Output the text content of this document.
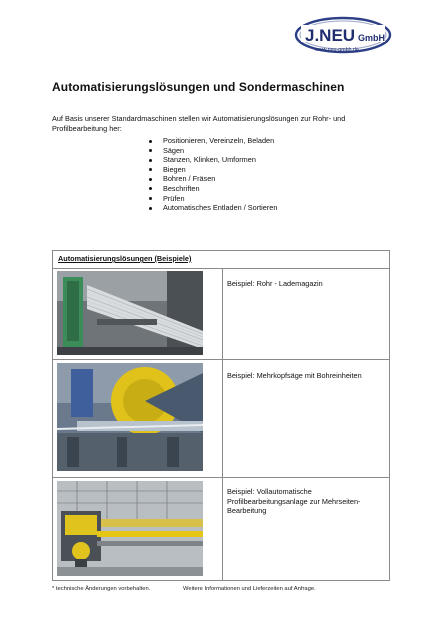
J.NEU GmbH
www.neu-gmbh.de
Automatisierungslösungen und Sondermaschinen
Auf Basis unserer Standardmaschinen stellen wir Automatisierungslösungen zur Rohr- und Profilbearbeitung her:
Positionieren, Vereinzeln, Beladen
Sägen
Stanzen, Klinken, Umformen
Biegen
Bohren / Fräsen
Beschriften
Prüfen
Automatisches Entladen / Sortieren
Automatisierungslösungen (Beispiele)
Beispiel: Rohr - Lademagazin
Beispiel: Mehrkopfsäge mit Bohreinheiten
Beispiel: Vollautomatische Profilbearbeitungsanlage zur Mehrseiten-Bearbeitung
* technische Änderungen vorbehalten.	Weitere Informationen und Lieferzeiten auf Anfrage.
